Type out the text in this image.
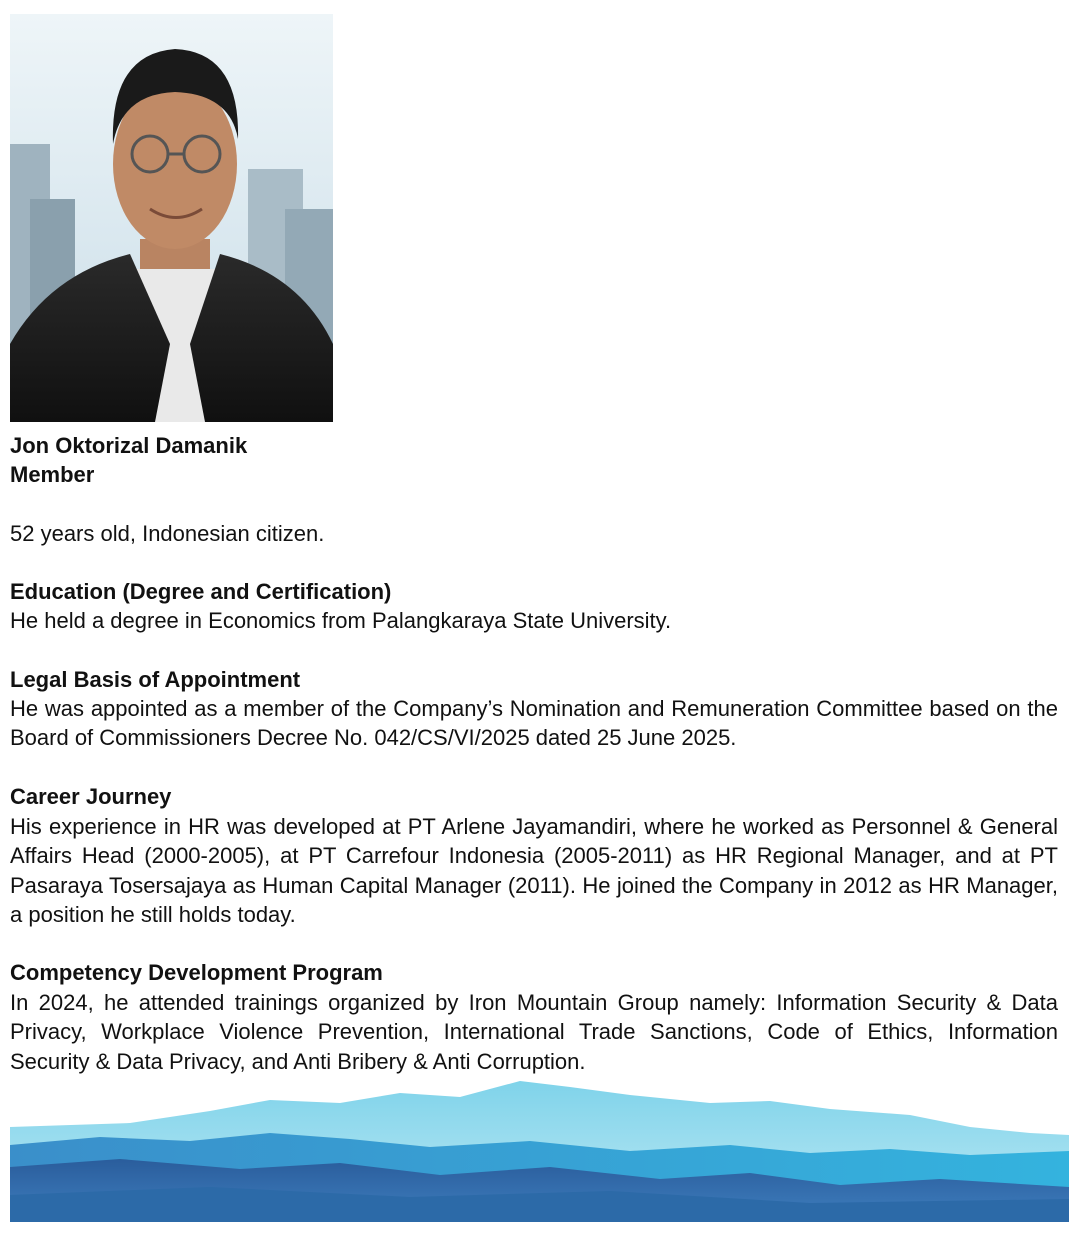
Jon Oktorizal Damanik
Member

52 years old, Indonesian citizen.

Education (Degree and Certification)

He held a degree in Economics from Palangkaraya State University.

Legal Basis of Appointment

He was appointed as a member of the Company’s Nomination and Remuneration Committee based on the Board of Commissioners Decree No. 042/CS/VI/2025 dated 25 June 2025.

Career Journey

His experience in HR was developed at PT Arlene Jayamandiri, where he worked as Personnel & General Affairs Head (2000-2005), at PT Carrefour Indonesia (2005-2011) as HR Regional Manager, and at PT Pasaraya Tosersajaya as Human Capital Manager (2011). He joined the Company in 2012 as HR Manager, a position he still holds today.

Competency Development Program

In 2024, he attended trainings organized by Iron Mountain Group namely: Information Security & Data Privacy, Workplace Violence Prevention, International Trade Sanctions, Code of Ethics, Information Security & Data Privacy, and Anti Bribery & Anti Corruption.
